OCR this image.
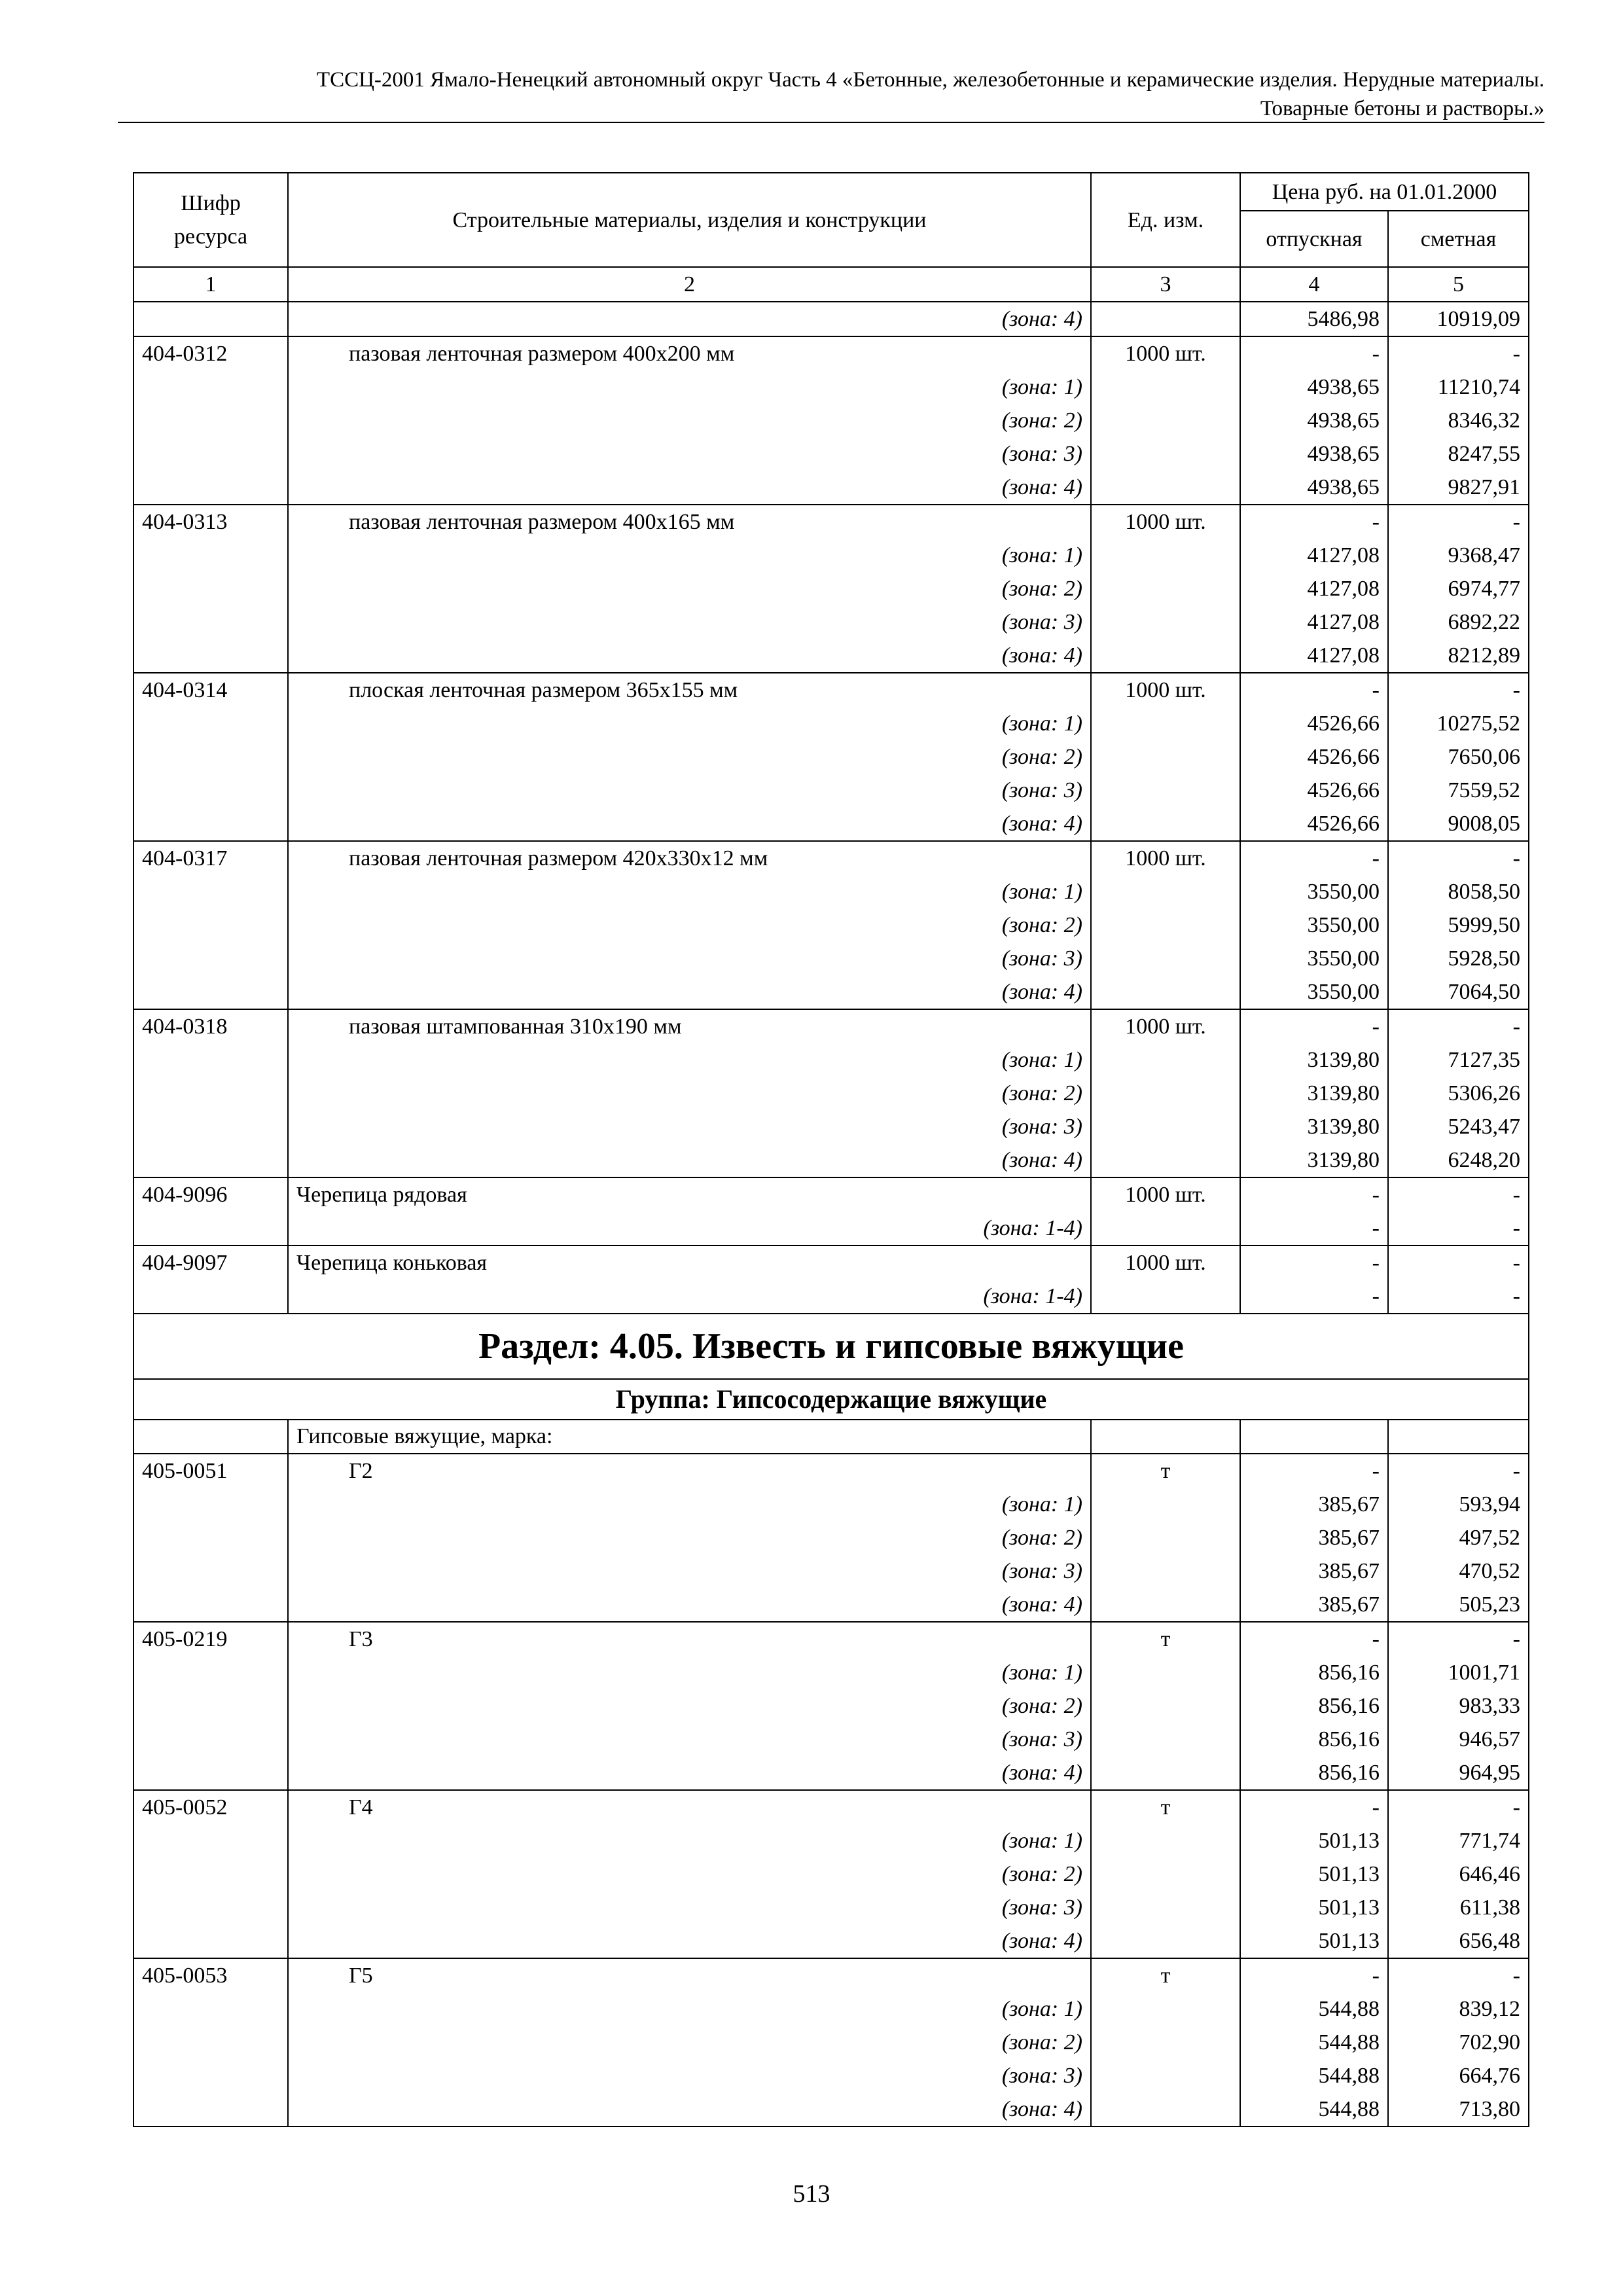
ТССЦ-2001 Ямало-Ненецкий автономный округ Часть 4 «Бетонные, железобетонные и керамические изделия. Нерудные материалы.
Товарные бетоны и растворы.»
Шифр ресурса	Строительные материалы, изделия и конструкции	Ед. изм.	Цена руб. на 01.01.2000	
			отпускная	сметная
1	2	3	4	5

	(зона: 4)		5486,98	10919,09
404-0312	пазовая ленточная размером 400х200 мм	1000 шт.	-	-

	(зона: 1)		4938,65	11210,74

	(зона: 2)		4938,65	8346,32

	(зона: 3)		4938,65	8247,55

	(зона: 4)		4938,65	9827,91
404-0313	пазовая ленточная размером 400х165 мм	1000 шт.	-	-

	(зона: 1)		4127,08	9368,47

	(зона: 2)		4127,08	6974,77

	(зона: 3)		4127,08	6892,22

	(зона: 4)		4127,08	8212,89
404-0314	плоская ленточная размером 365х155 мм	1000 шт.	-	-

	(зона: 1)		4526,66	10275,52

	(зона: 2)		4526,66	7650,06

	(зона: 3)		4526,66	7559,52

	(зона: 4)		4526,66	9008,05
404-0317	пазовая ленточная размером 420х330х12 мм	1000 шт.	-	-

	(зона: 1)		3550,00	8058,50

	(зона: 2)		3550,00	5999,50

	(зона: 3)		3550,00	5928,50

	(зона: 4)		3550,00	7064,50
404-0318	пазовая штампованная 310х190 мм	1000 шт.	-	-

	(зона: 1)		3139,80	7127,35

	(зона: 2)		3139,80	5306,26

	(зона: 3)		3139,80	5243,47

	(зона: 4)		3139,80	6248,20
404-9096	Черепица рядовая	1000 шт.	-	-

	(зона: 1-4)		-	-
404-9097	Черепица коньковая	1000 шт.	-	-

	(зона: 1-4)		-	-
Раздел: 4.05. Известь и гипсовые вяжущие				
Группа: Гипсосодержащие вяжущие				
	Гипсовые вяжущие, марка:			
405-0051	Г2	т	-	-

	(зона: 1)		385,67	593,94

	(зона: 2)		385,67	497,52

	(зона: 3)		385,67	470,52

	(зона: 4)		385,67	505,23
405-0219	Г3	т	-	-

	(зона: 1)		856,16	1001,71

	(зона: 2)		856,16	983,33

	(зона: 3)		856,16	946,57

	(зона: 4)		856,16	964,95
405-0052	Г4	т	-	-

	(зона: 1)		501,13	771,74

	(зона: 2)		501,13	646,46

	(зона: 3)		501,13	611,38

	(зона: 4)		501,13	656,48
405-0053	Г5	т	-	-

	(зона: 1)		544,88	839,12

	(зона: 2)		544,88	702,90

	(зона: 3)		544,88	664,76

	(зона: 4)		544,88	713,80
513
